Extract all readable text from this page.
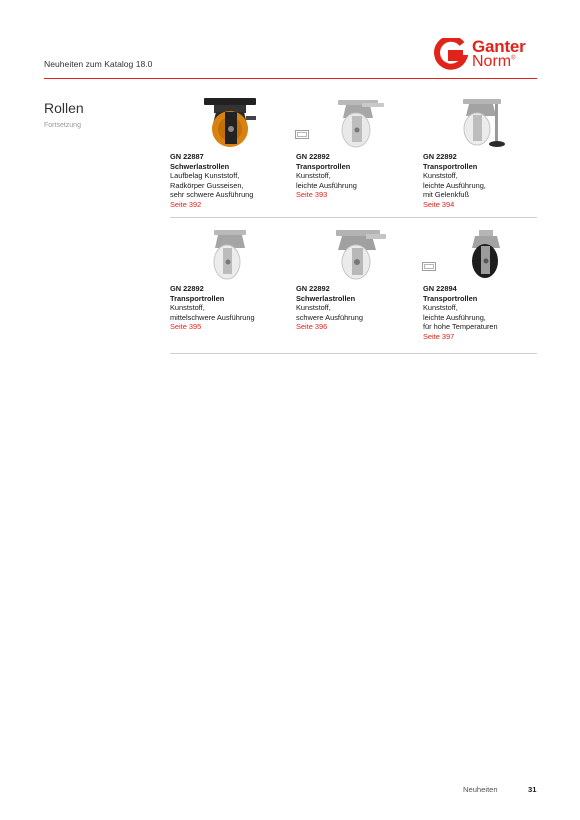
Neuheiten zum Katalog 18.0
Ganter
Norm®
Rollen
Fortsetzung
GN 22887
Schwerlastrollen
Laufbelag Kunststoff,
Radkörper Gusseisen,
sehr schwere Ausführung
Seite 392
GN 22892
Transportrollen
Kunststoff,
leichte Ausführung
Seite 393
GN 22892
Transportrollen
Kunststoff,
leichte Ausführung,
mit Gelenkfuß
Seite 394
GN 22892
Transportrollen
Kunststoff,
mittelschwere Ausführung
Seite 395
GN 22892
Schwerlastrollen
Kunststoff,
schwere Ausführung
Seite 396
GN 22894
Transportrollen
Kunststoff,
leichte Ausführung,
für hohe Temperaturen
Seite 397
Neuheiten	31
